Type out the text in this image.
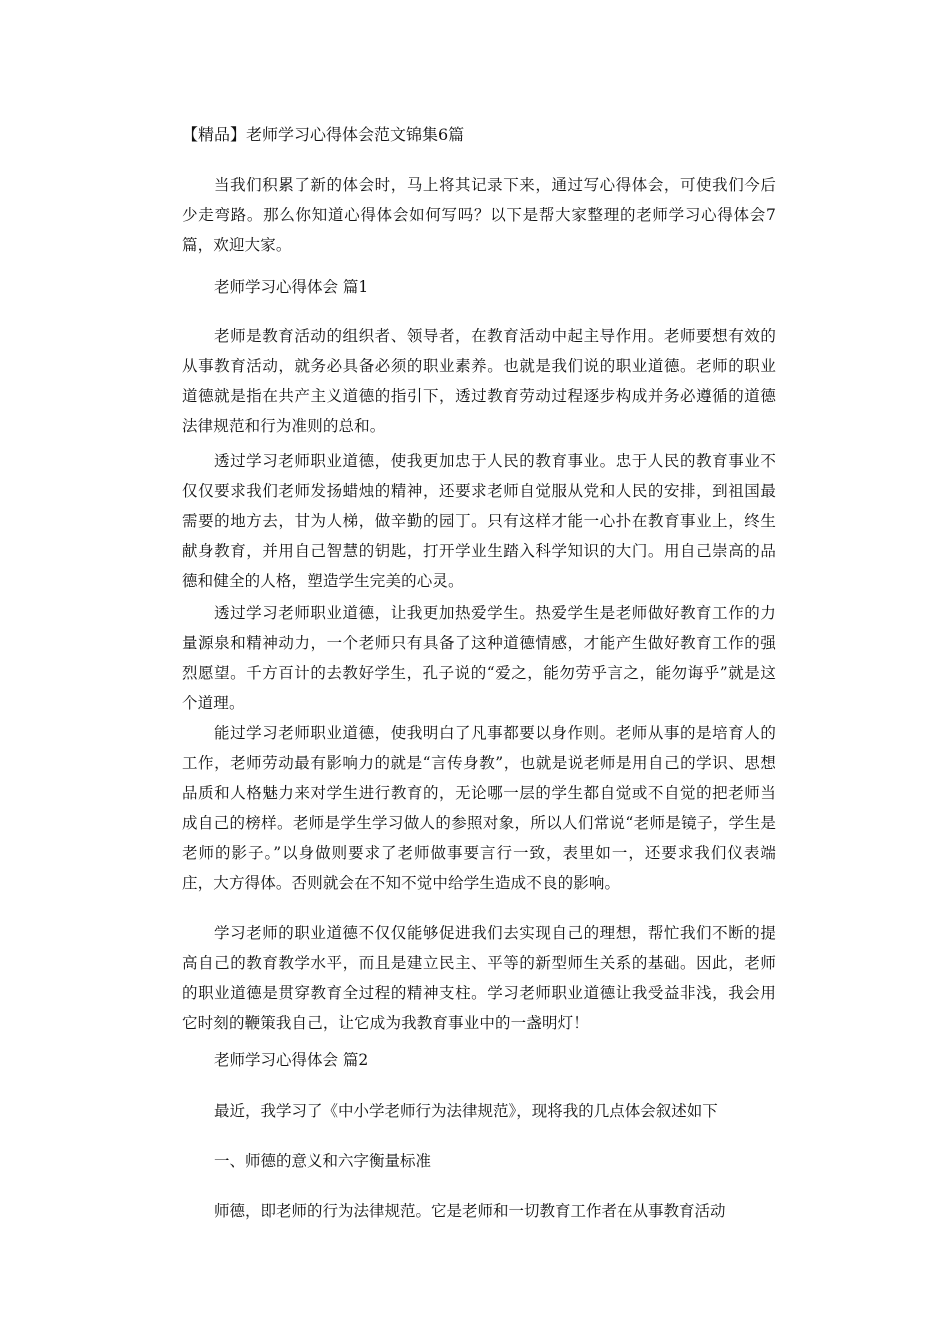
【精品】老师学习心得体会范文锦集6篇
当我们积累了新的体会时，马上将其记录下来，通过写心得体会，可使我们今后少走弯路。那么你知道心得体会如何写吗？以下是帮大家整理的老师学习心得体会7篇，欢迎大家。
老师学习心得体会 篇1
老师是教育活动的组织者、领导者，在教育活动中起主导作用。老师要想有效的从事教育活动，就务必具备必须的职业素养。也就是我们说的职业道德。老师的职业道德就是指在共产主义道德的指引下，透过教育劳动过程逐步构成并务必遵循的道德法律规范和行为准则的总和。
透过学习老师职业道德，使我更加忠于人民的教育事业。忠于人民的教育事业不仅仅要求我们老师发扬蜡烛的精神，还要求老师自觉服从党和人民的安排，到祖国最需要的地方去，甘为人梯，做辛勤的园丁。只有这样才能一心扑在教育事业上，终生献身教育，并用自己智慧的钥匙，打开学业生踏入科学知识的大门。用自己崇高的品德和健全的人格，塑造学生完美的心灵。
透过学习老师职业道德，让我更加热爱学生。热爱学生是老师做好教育工作的力量源泉和精神动力，一个老师只有具备了这种道德情感，才能产生做好教育工作的强烈愿望。千方百计的去教好学生，孔子说的“爱之，能勿劳乎言之，能勿诲乎”就是这个道理。
能过学习老师职业道德，使我明白了凡事都要以身作则。老师从事的是培育人的工作，老师劳动最有影响力的就是“言传身教”，也就是说老师是用自己的学识、思想品质和人格魅力来对学生进行教育的，无论哪一层的学生都自觉或不自觉的把老师当成自己的榜样。老师是学生学习做人的参照对象，所以人们常说“老师是镜子，学生是老师的影子。”以身做则要求了老师做事要言行一致，表里如一，还要求我们仪表端庄，大方得体。否则就会在不知不觉中给学生造成不良的影响。
学习老师的职业道德不仅仅能够促进我们去实现自己的理想，帮忙我们不断的提高自己的教育教学水平，而且是建立民主、平等的新型师生关系的基础。因此，老师的职业道德是贯穿教育全过程的精神支柱。学习老师职业道德让我受益非浅，我会用它时刻的鞭策我自己，让它成为我教育事业中的一盏明灯！
老师学习心得体会 篇2
最近，我学习了《中小学老师行为法律规范》，现将我的几点体会叙述如下
一、师德的意义和六字衡量标准
师德，即老师的行为法律规范。它是老师和一切教育工作者在从事教育活动
